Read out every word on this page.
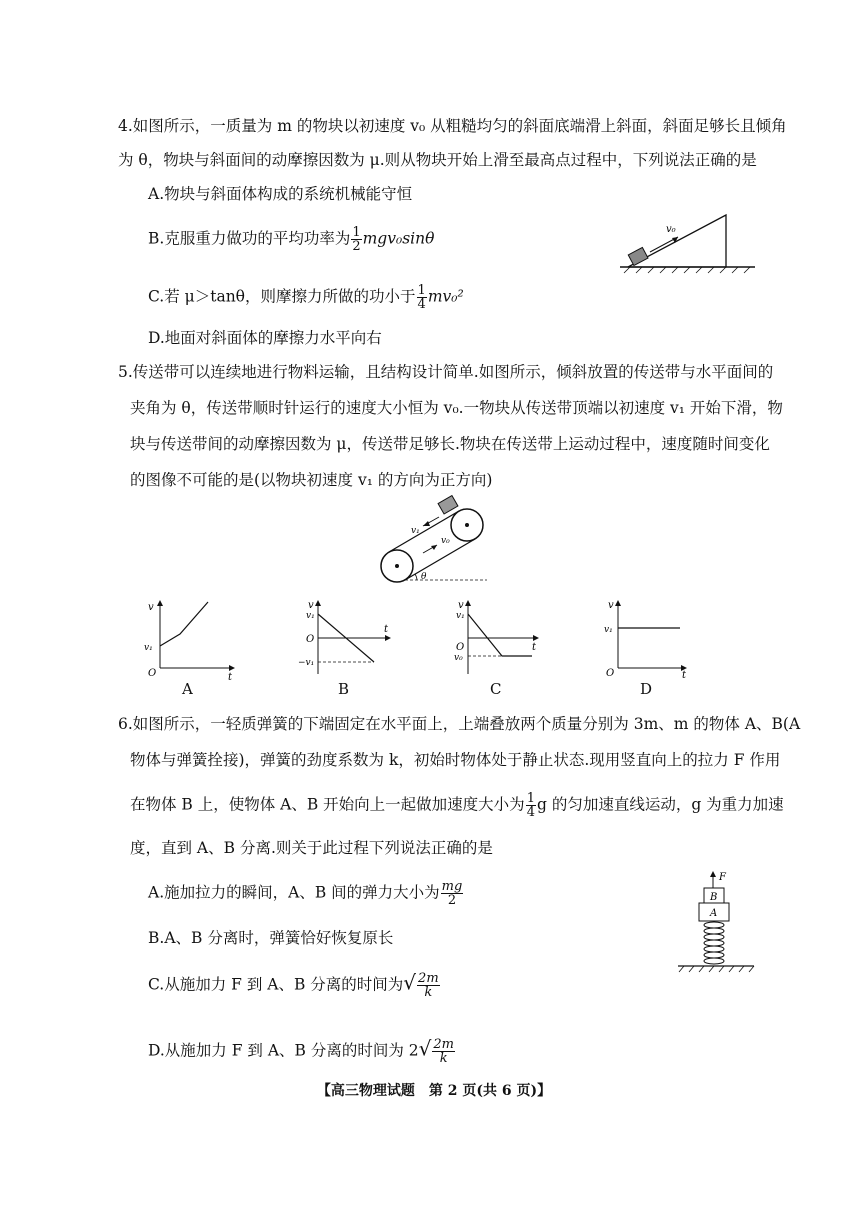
4.如图所示，一质量为 m 的物块以初速度 v₀ 从粗糙均匀的斜面底端滑上斜面，斜面足够长且倾角
为 θ，物块与斜面间的动摩擦因数为 μ.则从物块开始上滑至最高点过程中，下列说法正确的是
A.物块与斜面体构成的系统机械能守恒
B.克服重力做功的平均功率为 $\frac{1}{2} mgv_0\sin\theta$
C.若 μ＞tanθ，则摩擦力所做的功小于 $\frac{1}{4} mv_0^2$
D.地面对斜面体的摩擦力水平向右
v₀
5.传送带可以连续地进行物料运输，且结构设计简单.如图所示，倾斜放置的传送带与水平面间的
夹角为 θ，传送带顺时针运行的速度大小恒为 v₀.一物块从传送带顶端以初速度 v₁ 开始下滑，物
块与传送带间的动摩擦因数为 μ，传送带足够长.物块在传送带上运动过程中，速度随时间变化
的图像不可能的是(以物块初速度 v₁ 的方向为正方向)
v₁
v₀
θ
v
t
O
v₁
A
v
t
O
v₁
−v₁
B
v
t
O
v₁
v₀
C
v
t
O
v₁
D
6.如图所示，一轻质弹簧的下端固定在水平面上，上端叠放两个质量分别为 3m、m 的物体 A、B(A
物体与弹簧拴接)，弹簧的劲度系数为 k，初始时物体处于静止状态.现用竖直向上的拉力 F 作用
在物体 B 上，使物体 A、B 开始向上一起做加速度大小为 $\frac{1}{4}$ g 的匀加速直线运动，g 为重力加速
度，直到 A、B 分离.则关于此过程下列说法正确的是
A.施加拉力的瞬间，A、B 间的弹力大小为 $\frac{mg}{2}$
B.A、B 分离时，弹簧恰好恢复原长
C.从施加力 F 到 A、B 分离的时间为√ $\frac{2m}{k}$
D.从施加力 F 到 A、B 分离的时间为 $2√ \frac{2m}{k}$
F
B
A
【高三物理试题　第 2 页(共 6 页)】
